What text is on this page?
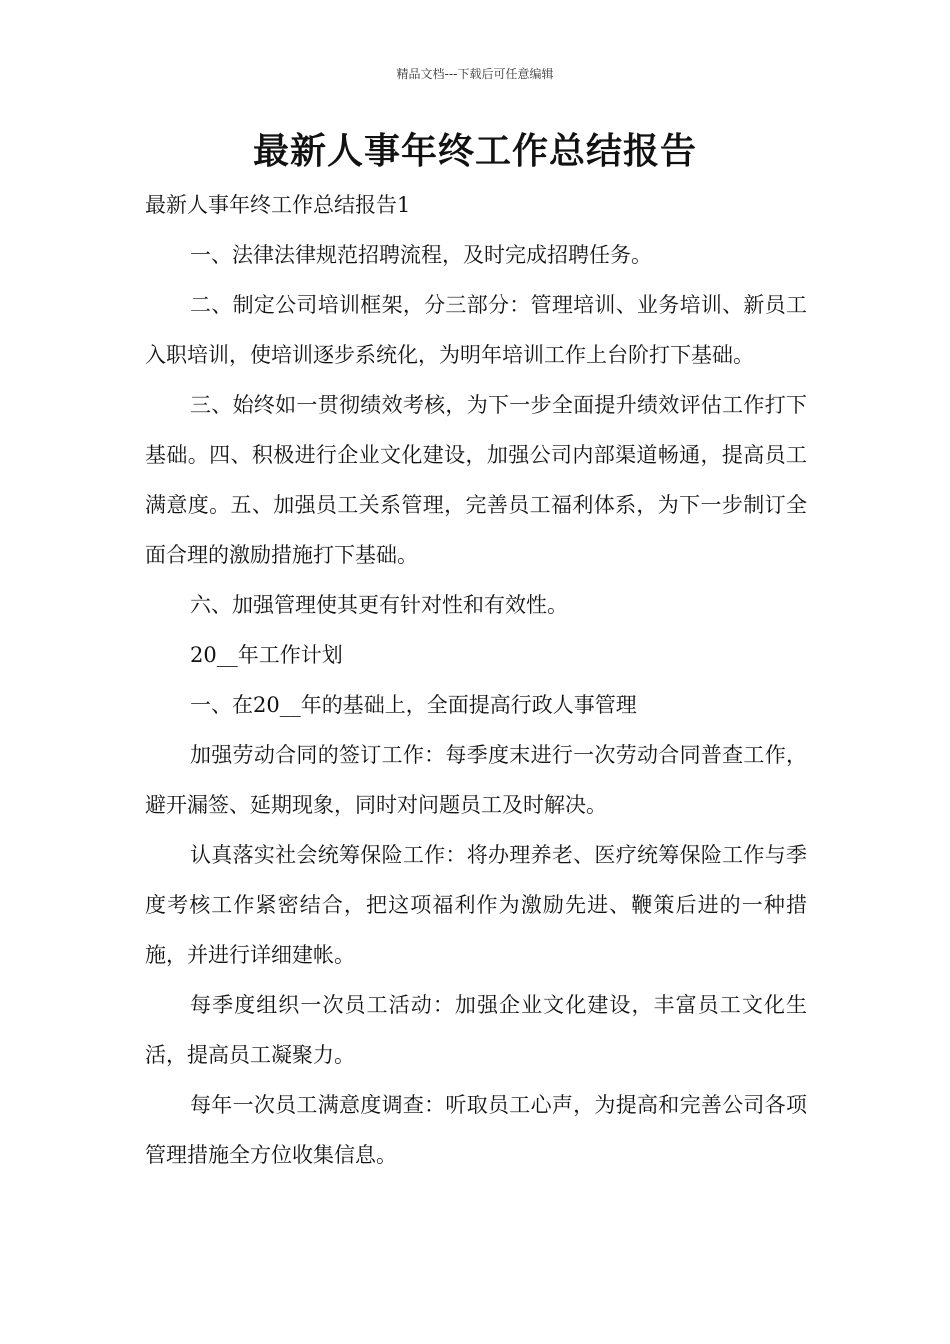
精品文档---下载后可任意编辑
最新人事年终工作总结报告

最新人事年终工作总结报告1

一、法律法律规范招聘流程，及时完成招聘任务。

二、制定公司培训框架，分三部分：管理培训、业务培训、新员工入职培训，使培训逐步系统化，为明年培训工作上台阶打下基础。

三、始终如一贯彻绩效考核，为下一步全面提升绩效评估工作打下基础。四、积极进行企业文化建设，加强公司内部渠道畅通，提高员工满意度。五、加强员工关系管理，完善员工福利体系，为下一步制订全面合理的激励措施打下基础。

六、加强管理使其更有针对性和有效性。

20__年工作计划

一、在20__年的基础上，全面提高行政人事管理

加强劳动合同的签订工作：每季度末进行一次劳动合同普查工作，避开漏签、延期现象，同时对问题员工及时解决。

认真落实社会统筹保险工作：将办理养老、医疗统筹保险工作与季度考核工作紧密结合，把这项福利作为激励先进、鞭策后进的一种措施，并进行详细建帐。

每季度组织一次员工活动：加强企业文化建设，丰富员工文化生活，提高员工凝聚力。

每年一次员工满意度调查：听取员工心声，为提高和完善公司各项管理措施全方位收集信息。
